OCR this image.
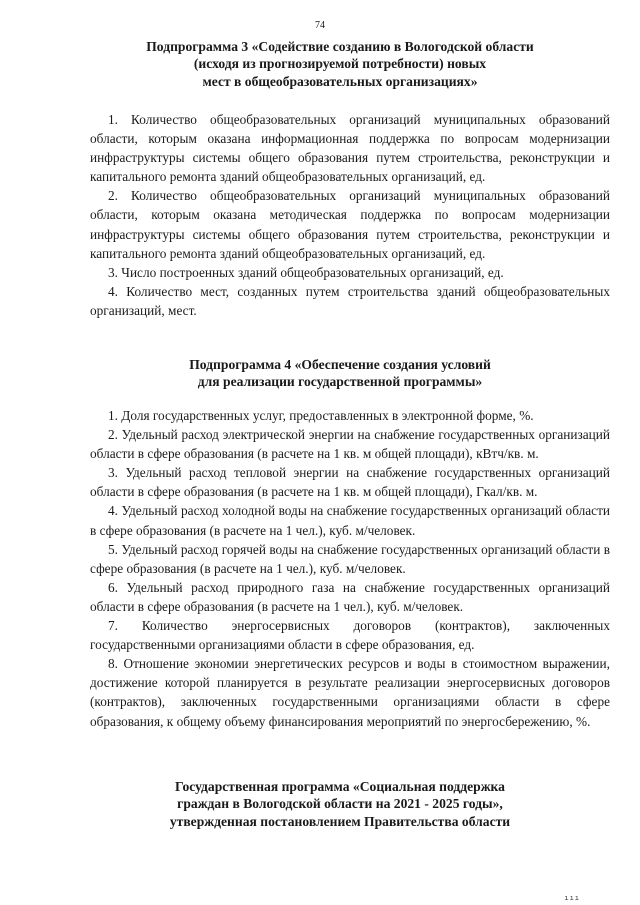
74
Подпрограмма 3 «Содействие созданию в Вологодской области
(исходя из прогнозируемой потребности) новых
мест в общеобразовательных организациях»

1. Количество общеобразовательных организаций муниципальных образований области, которым оказана информационная поддержка по вопросам модернизации инфраструктуры системы общего образования путем строительства, реконструкции и капитального ремонта зданий общеобразовательных организаций, ед.

2. Количество общеобразовательных организаций муниципальных образований области, которым оказана методическая поддержка по вопросам модернизации инфраструктуры системы общего образования путем строительства, реконструкции и капитального ремонта зданий общеобразовательных организаций, ед.

3. Число построенных зданий общеобразовательных организаций, ед.

4. Количество мест, созданных путем строительства зданий общеобразовательных организаций, мест.

Подпрограмма 4 «Обеспечение создания условий
для реализации государственной программы»

1. Доля государственных услуг, предоставленных в электронной форме, %.

2. Удельный расход электрической энергии на снабжение государственных организаций области в сфере образования (в расчете на 1 кв. м общей площади), кВтч/кв. м.

3. Удельный расход тепловой энергии на снабжение государственных организаций области в сфере образования (в расчете на 1 кв. м общей площади), Гкал/кв. м.

4. Удельный расход холодной воды на снабжение государственных организаций области в сфере образования (в расчете на 1 чел.), куб. м/человек.

5. Удельный расход горячей воды на снабжение государственных организаций области в сфере образования (в расчете на 1 чел.), куб. м/человек.

6. Удельный расход природного газа на снабжение государственных организаций области в сфере образования (в расчете на 1 чел.), куб. м/человек.

7. Количество энергосервисных договоров (контрактов), заключенных государственными организациями области в сфере образования, ед.

8. Отношение экономии энергетических ресурсов и воды в стоимостном выражении, достижение которой планируется в результате реализации энергосервисных договоров (контрактов), заключенных государственными организациями области в сфере образования, к общему объему финансирования мероприятий по энергосбережению, %.

Государственная программа «Социальная поддержка
граждан в Вологодской области на 2021 - 2025 годы»,
утвержденная постановлением Правительства области
ııı
